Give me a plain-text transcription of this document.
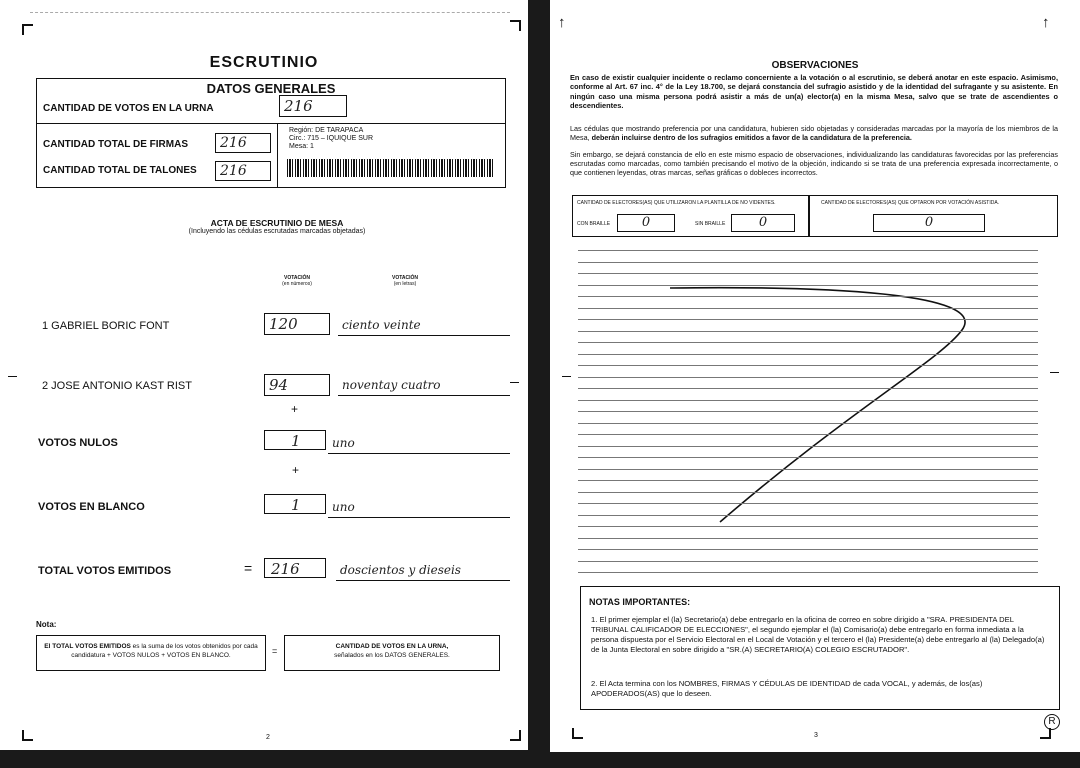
ESCRUTINIO
DATOS GENERALES
CANTIDAD DE VOTOS EN LA URNA	216
CANTIDAD TOTAL DE FIRMAS	216
CANTIDAD TOTAL DE TALONES	216
Región: DE TARAPACA
Circ.: 715 – IQUIQUE SUR
Mesa: 1
ACTA DE ESCRUTINIO DE MESA
(Incluyendo las cédulas escrutadas marcadas objetadas)
VOTACIÓN
(en números)
VOTACIÓN
(en letras)
1 GABRIEL BORIC FONT	120	ciento veinte
2 JOSE ANTONIO KAST RIST	94	noventay cuatro
+
VOTOS NULOS	1	uno
+
VOTOS EN BLANCO	1	uno
TOTAL VOTOS EMITIDOS	=	216	doscientos y dieseis
Nota:
El TOTAL VOTOS EMITIDOS es la suma de los votos obtenidos por cada candidatura + VOTOS NULOS + VOTOS EN BLANCO.	=	CANTIDAD DE VOTOS EN LA URNA,
señalados en los DATOS GENERALES.
2
↑	↑
OBSERVACIONES
En caso de existir cualquier incidente o reclamo concerniente a la votación o al escrutinio, se deberá anotar en este espacio. Asimismo, conforme al Art. 67 inc. 4° de la Ley 18.700, se dejará constancia del sufragio asistido y de la identidad del sufragante y su asistente. En ningún caso una misma persona podrá asistir a más de un(a) elector(a) en la misma Mesa, salvo que se trate de ascendientes o descendientes.
Las cédulas que mostrando preferencia por una candidatura, hubieren sido objetadas y consideradas marcadas por la mayoría de los miembros de la Mesa, deberán incluirse dentro de los sufragios emitidos a favor de la candidatura de la preferencia.
Sin embargo, se dejará constancia de ello en este mismo espacio de observaciones, individualizando las candidaturas favorecidas por las preferencias escrutadas como marcadas, como también precisando el motivo de la objeción, indicando si se trata de una preferencia expresada incorrectamente, o que contienen leyendas, otras marcas, señas gráficas o dobleces incorrectos.
CANTIDAD DE ELECTORES(AS) QUE UTILIZARON LA PLANTILLA DE NO VIDENTES.
CON BRAILLE	0	SIN BRAILLE	0
CANTIDAD DE ELECTORES(AS) QUE OPTARON POR VOTACIÓN ASISTIDA.
0
NOTAS IMPORTANTES:
1. El primer ejemplar el (la) Secretario(a) debe entregarlo en la oficina de correo en sobre dirigido a "SRA. PRESIDENTA DEL TRIBUNAL CALIFICADOR DE ELECCIONES", el segundo ejemplar el (la) Comisario(a) debe entregarlo en forma inmediata a la persona dispuesta por el Servicio Electoral en el Local de Votación y el tercero el (la) Presidente(a) debe entregarlo al (la) Delegado(a) de la Junta Electoral en sobre dirigido a "SR.(A) SECRETARIO(A) COLEGIO ESCRUTADOR".
2. El Acta termina con los NOMBRES, FIRMAS Y CÉDULAS DE IDENTIDAD de cada VOCAL, y además, de los(as) APODERADOS(AS) que lo deseen.
3
R
